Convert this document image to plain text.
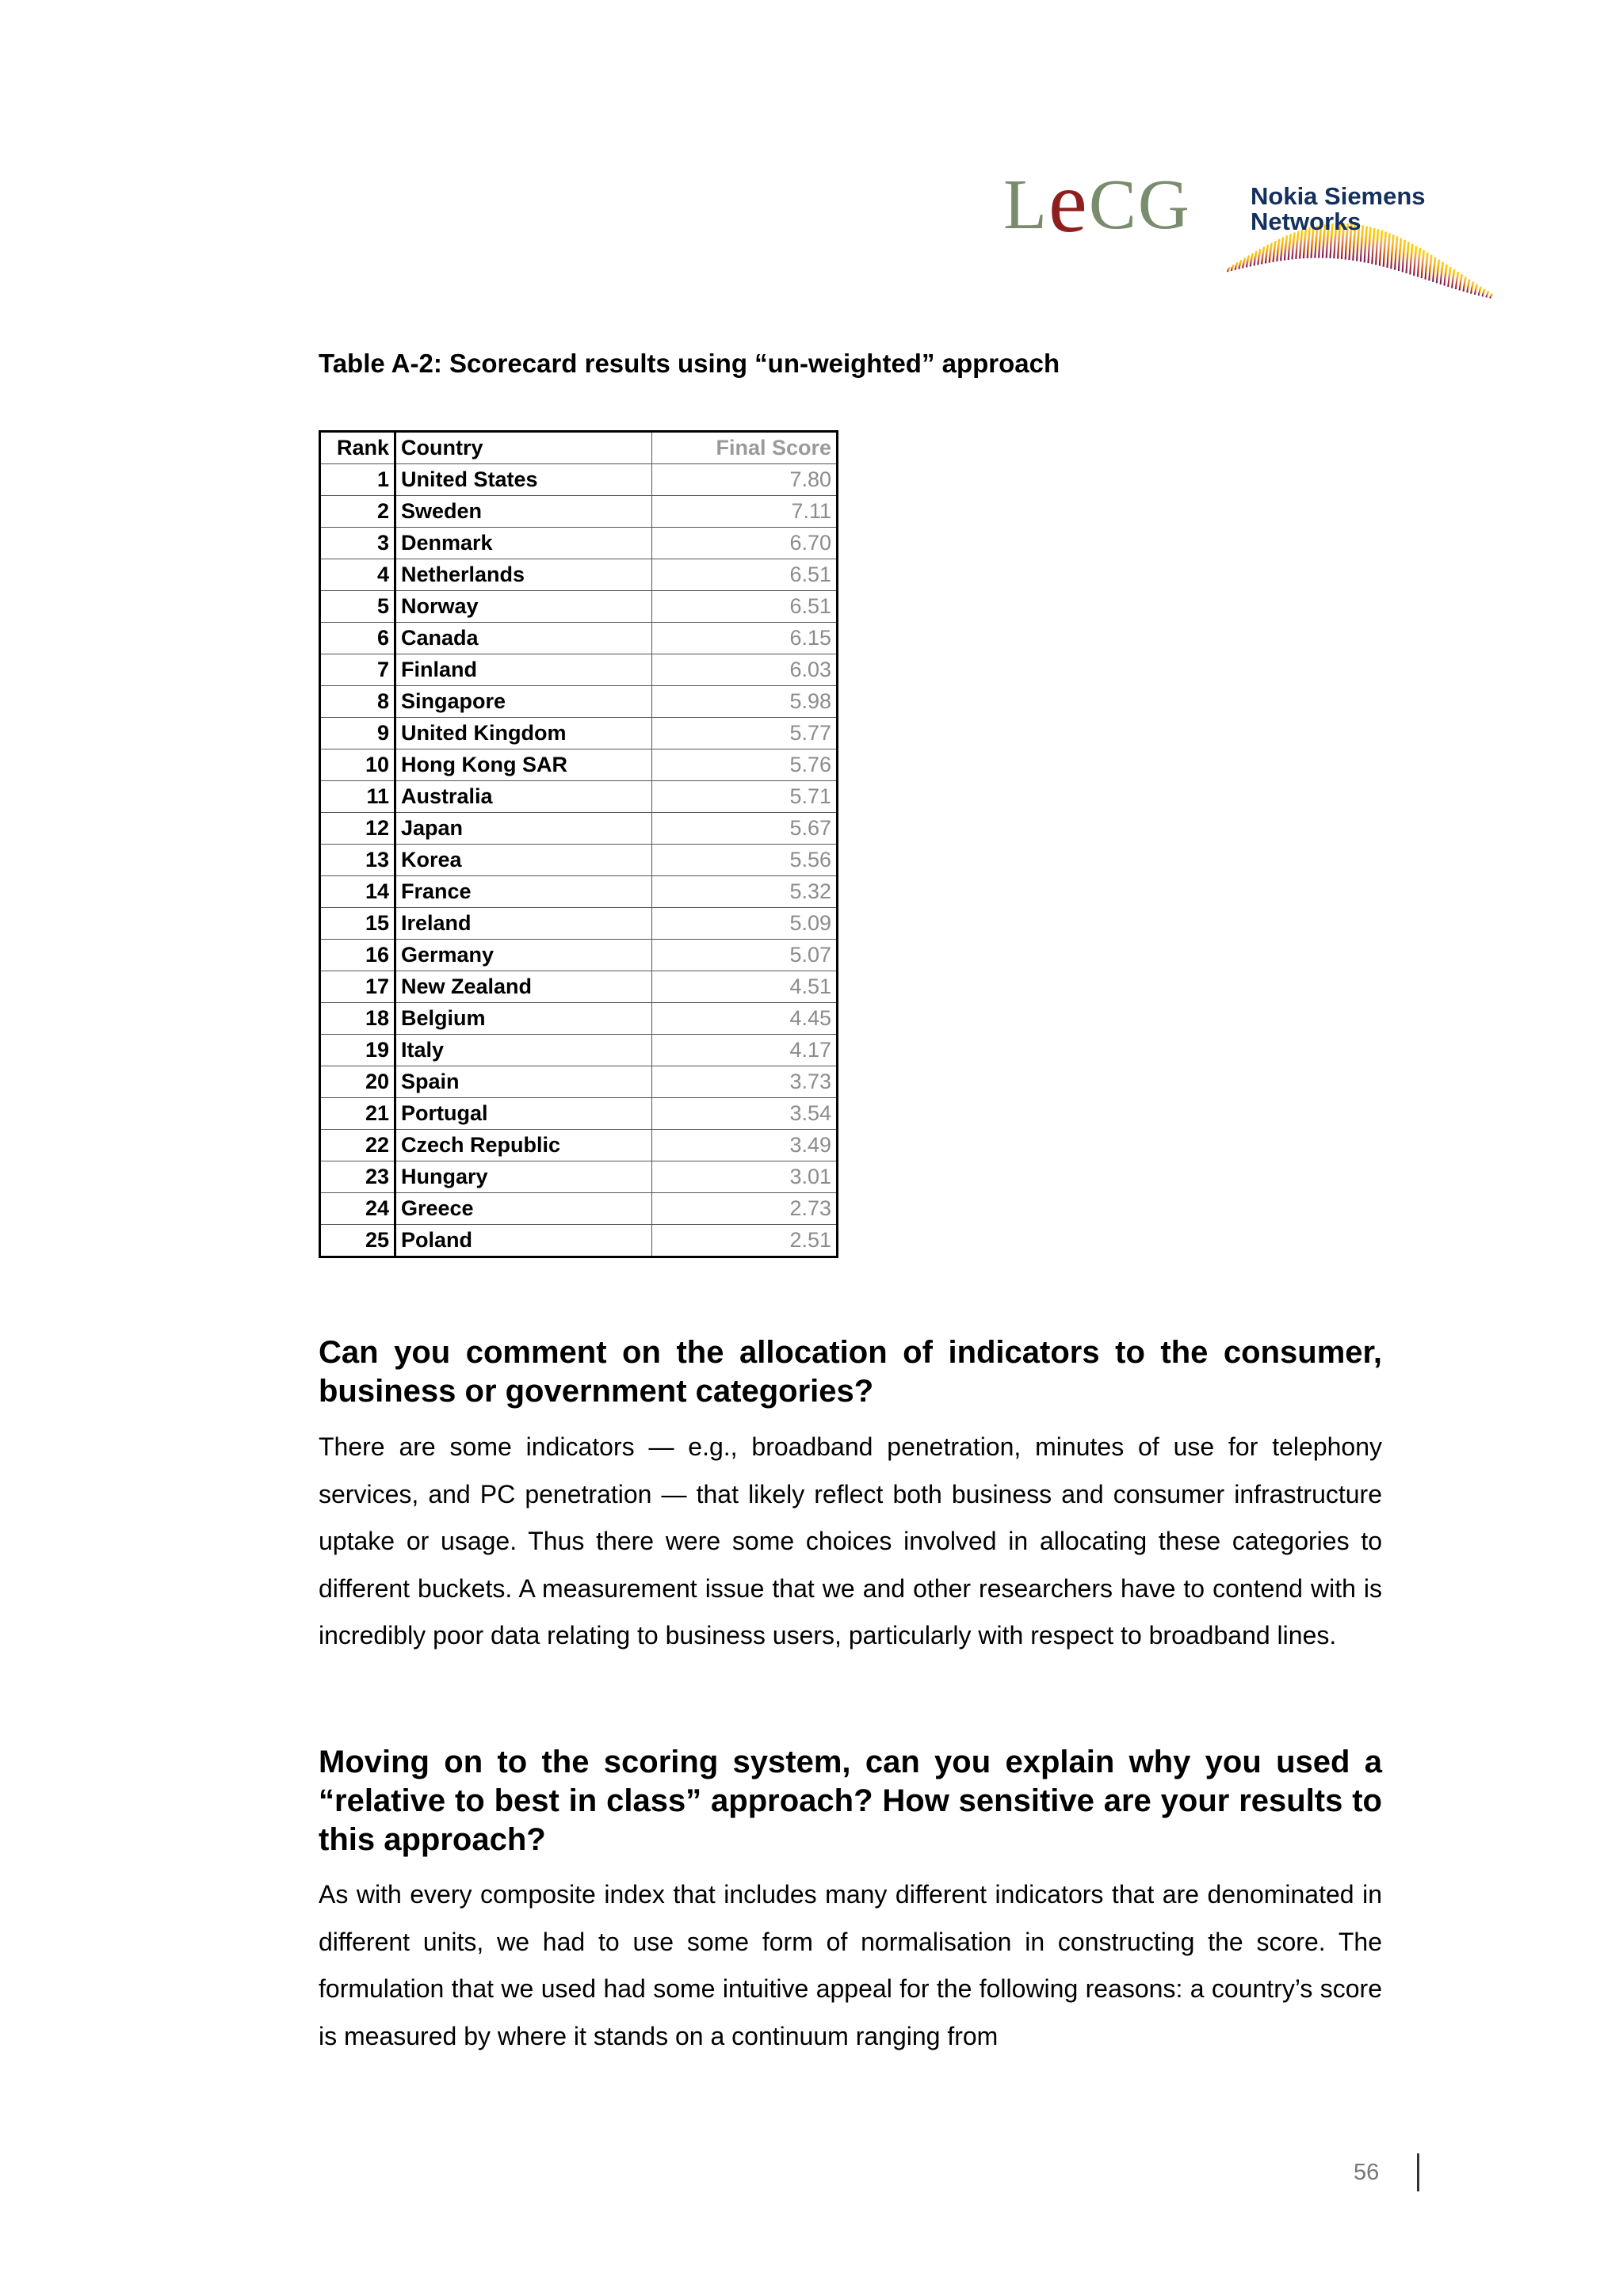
LeCG Nokia Siemens
Networks
Table A-2: Scorecard results using “un-weighted” approach
Rank	Country	Final Score
1	United States	7.80
2	Sweden	7.11
3	Denmark	6.70
4	Netherlands	6.51
5	Norway	6.51
6	Canada	6.15
7	Finland	6.03
8	Singapore	5.98
9	United Kingdom	5.77
10	Hong Kong SAR	5.76
11	Australia	5.71
12	Japan	5.67
13	Korea	5.56
14	France	5.32
15	Ireland	5.09
16	Germany	5.07
17	New Zealand	4.51
18	Belgium	4.45
19	Italy	4.17
20	Spain	3.73
21	Portugal	3.54
22	Czech Republic	3.49
23	Hungary	3.01
24	Greece	2.73
25	Poland	2.51
Can you comment on the allocation of indicators to the consumer, business or government categories?
There are some indicators — e.g., broadband penetration, minutes of use for telephony services, and PC penetration — that likely reflect both business and consumer infrastructure uptake or usage. Thus there were some choices involved in allocating these categories to different buckets. A measurement issue that we and other researchers have to contend with is incredibly poor data relating to business users, particularly with respect to broadband lines.
Moving on to the scoring system, can you explain why you used a “relative to best in class” approach? How sensitive are your results to this approach?
As with every composite index that includes many different indicators that are denominated in different units, we had to use some form of normalisation in constructing the score. The formulation that we used had some intuitive appeal for the following reasons: a country’s score is measured by where it stands on a continuum ranging from
56
